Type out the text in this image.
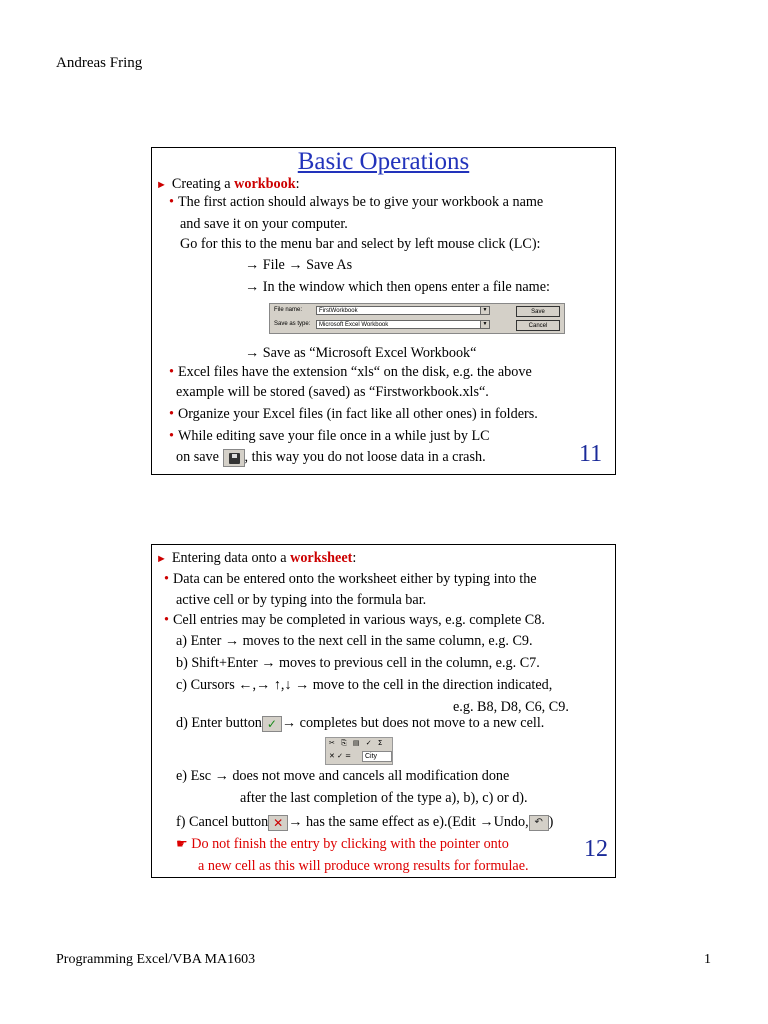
Andreas Fring
Basic Operations
► Creating a workbook:
• The first action should always be to give your workbook a name
and save it on your computer.
Go for this to the menu bar and select by left mouse click (LC):
→ File → Save As
→ In the window which then opens enter a file name:
File name:	FirstWorkbook	▼
Save as type:	Microsoft Excel Workbook	▼
Save
Cancel
→ Save as “Microsoft Excel Workbook“
• Excel files have the extension “xls“ on the disk, e.g. the above
example will be stored (saved) as “Firstworkbook.xls“.
• Organize your Excel files (in fact like all other ones) in folders.
• While editing save your file once in a while just by LC
on save , this way you do not loose data in a crash.	11
► Entering data onto a worksheet:
• Data can be entered onto the worksheet either by typing into the
active cell or by typing into the formula bar.
• Cell entries may be completed in various ways, e.g. complete C8.
a) Enter → moves to the next cell in the same column, e.g. C9.
b) Shift+Enter → moves to previous cell in the column, e.g. C7.
c) Cursors ←,→ ↑,↓ → move to the cell in the direction indicated,
e.g. B8, D8, C6, C9.
d) Enter button ✓ → completes but does not move to a new cell.
✂ ⎘ ▤ ✓ Σ
✕ ✓ =	City
e) Esc → does not move and cancels all modification done
after the last completion of the type a), b), c) or d).
f) Cancel button ✕ → has the same effect as e).(Edit →Undo, ↶ )
☛ Do not finish the entry by clicking with the pointer onto
a new cell as this will produce wrong results for formulae.
12
Programming Excel/VBA MA1603	1
